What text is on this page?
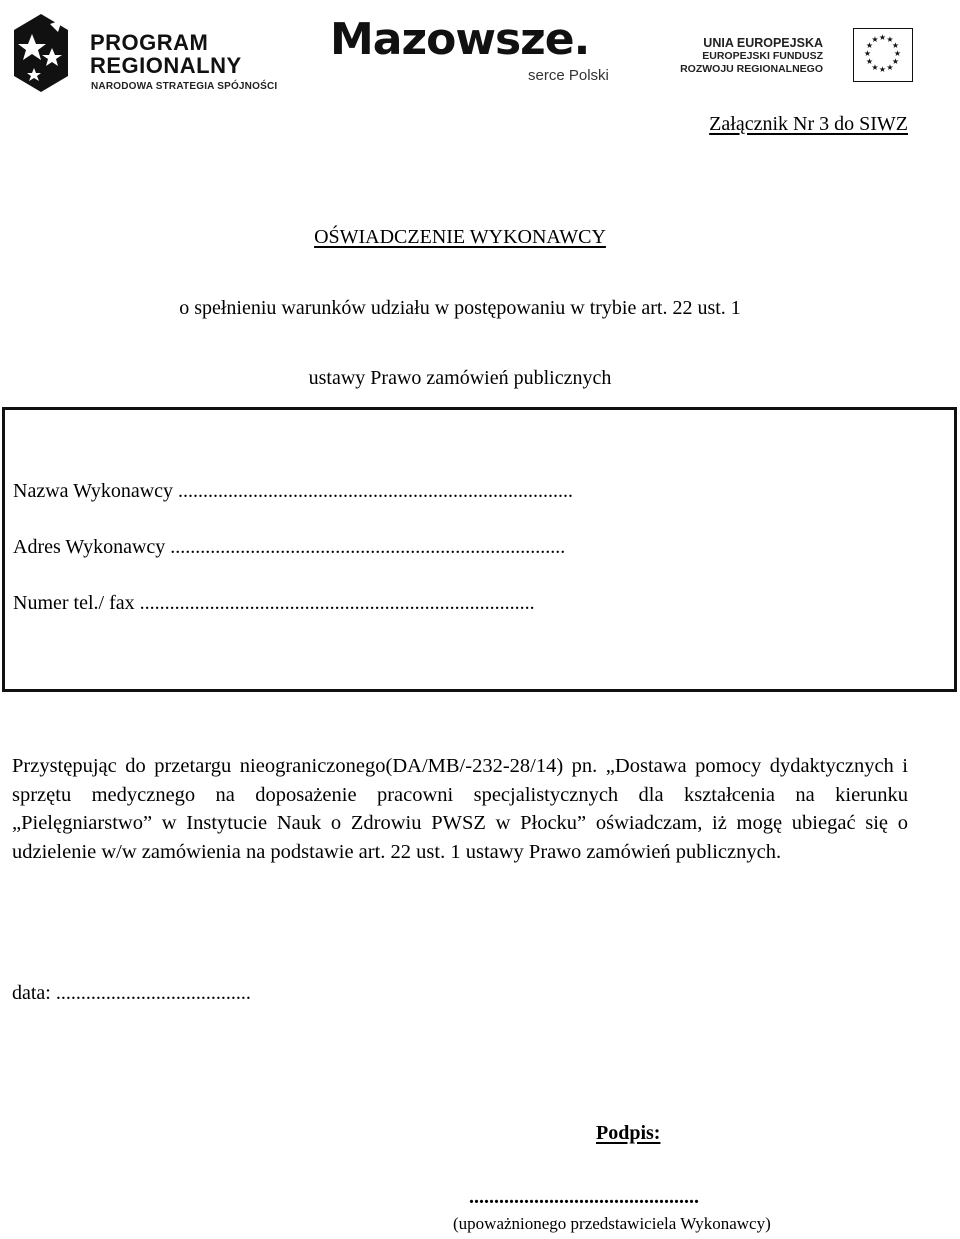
PROGRAM
REGIONALNY
NARODOWA STRATEGIA SPÓJNOŚCI
Mazowsze.
serce Polski
UNIA EUROPEJSKA
EUROPEJSKI FUNDUSZ
ROZWOJU REGIONALNEGO
★ ★
★
★
★
★
★
★
★
★
★
★
Załącznik Nr 3 do SIWZ
OŚWIADCZENIE WYKONAWCY
o spełnieniu warunków udziału w postępowaniu w trybie art. 22 ust. 1
ustawy Prawo zamówień publicznych
Nazwa Wykonawcy ...............................................................................
Adres Wykonawcy ...............................................................................
Numer tel./ fax ...............................................................................
Przystępując do przetargu nieograniczonego(DA/MB/-232-28/14) pn. „Dostawa pomocy dydaktycznych i sprzętu medycznego na doposażenie pracowni specjalistycznych dla kształcenia na kierunku „Pielęgniarstwo” w Instytucie Nauk o Zdrowiu PWSZ w Płocku” oświadczam, iż mogę ubiegać się o udzielenie w/w zamówienia na podstawie art. 22 ust. 1 ustawy Prawo zamówień publicznych.
data: .......................................
Podpis:
..............................................
(upoważnionego przedstawiciela Wykonawcy)
